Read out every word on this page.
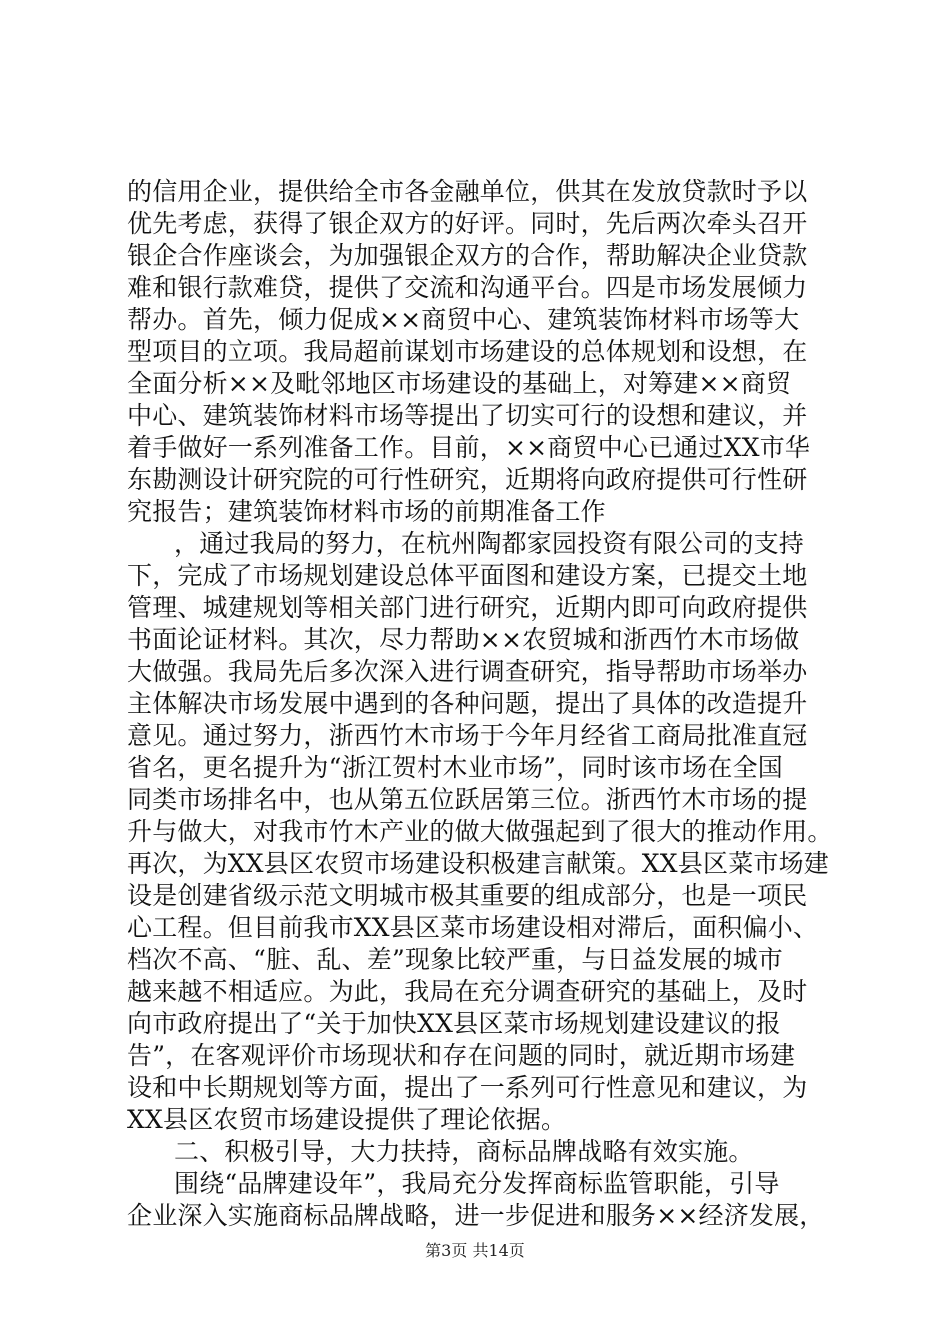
的信用企业，提供给全市各金融单位，供其在发放贷款时予以
优先考虑，获得了银企双方的好评。同时，先后两次牵头召开
银企合作座谈会，为加强银企双方的合作，帮助解决企业贷款
难和银行款难贷，提供了交流和沟通平台。四是市场发展倾力
帮办。首先，倾力促成××商贸中心、建筑装饰材料市场等大
型项目的立项。我局超前谋划市场建设的总体规划和设想，在
全面分析××及毗邻地区市场建设的基础上，对筹建××商贸
中心、建筑装饰材料市场等提出了切实可行的设想和建议，并
着手做好一系列准备工作。目前，××商贸中心已通过XX市华
东勘测设计研究院的可行性研究，近期将向政府提供可行性研
究报告；建筑装饰材料市场的前期准备工作
，通过我局的努力，在杭州陶都家园投资有限公司的支持
下，完成了市场规划建设总体平面图和建设方案，已提交土地
管理、城建规划等相关部门进行研究，近期内即可向政府提供
书面论证材料。其次，尽力帮助××农贸城和浙西竹木市场做
大做强。我局先后多次深入进行调查研究，指导帮助市场举办
主体解决市场发展中遇到的各种问题，提出了具体的改造提升
意见。通过努力，浙西竹木市场于今年月经省工商局批准直冠
省名，更名提升为“浙江贺村木业市场”，同时该市场在全国
同类市场排名中，也从第五位跃居第三位。浙西竹木市场的提
升与做大，对我市竹木产业的做大做强起到了很大的推动作用。
再次，为XX县区农贸市场建设积极建言献策。XX县区菜市场建
设是创建省级示范文明城市极其重要的组成部分，也是一项民
心工程。但目前我市XX县区菜市场建设相对滞后，面积偏小、
档次不高、“脏、乱、差”现象比较严重，与日益发展的城市
越来越不相适应。为此，我局在充分调查研究的基础上，及时
向市政府提出了“关于加快XX县区菜市场规划建设建议的报
告”，在客观评价市场现状和存在问题的同时，就近期市场建
设和中长期规划等方面，提出了一系列可行性意见和建议，为
XX县区农贸市场建设提供了理论依据。
二、积极引导，大力扶持，商标品牌战略有效实施。
围绕“品牌建设年”，我局充分发挥商标监管职能，引导
企业深入实施商标品牌战略，进一步促进和服务××经济发展，
第3页 共14页
